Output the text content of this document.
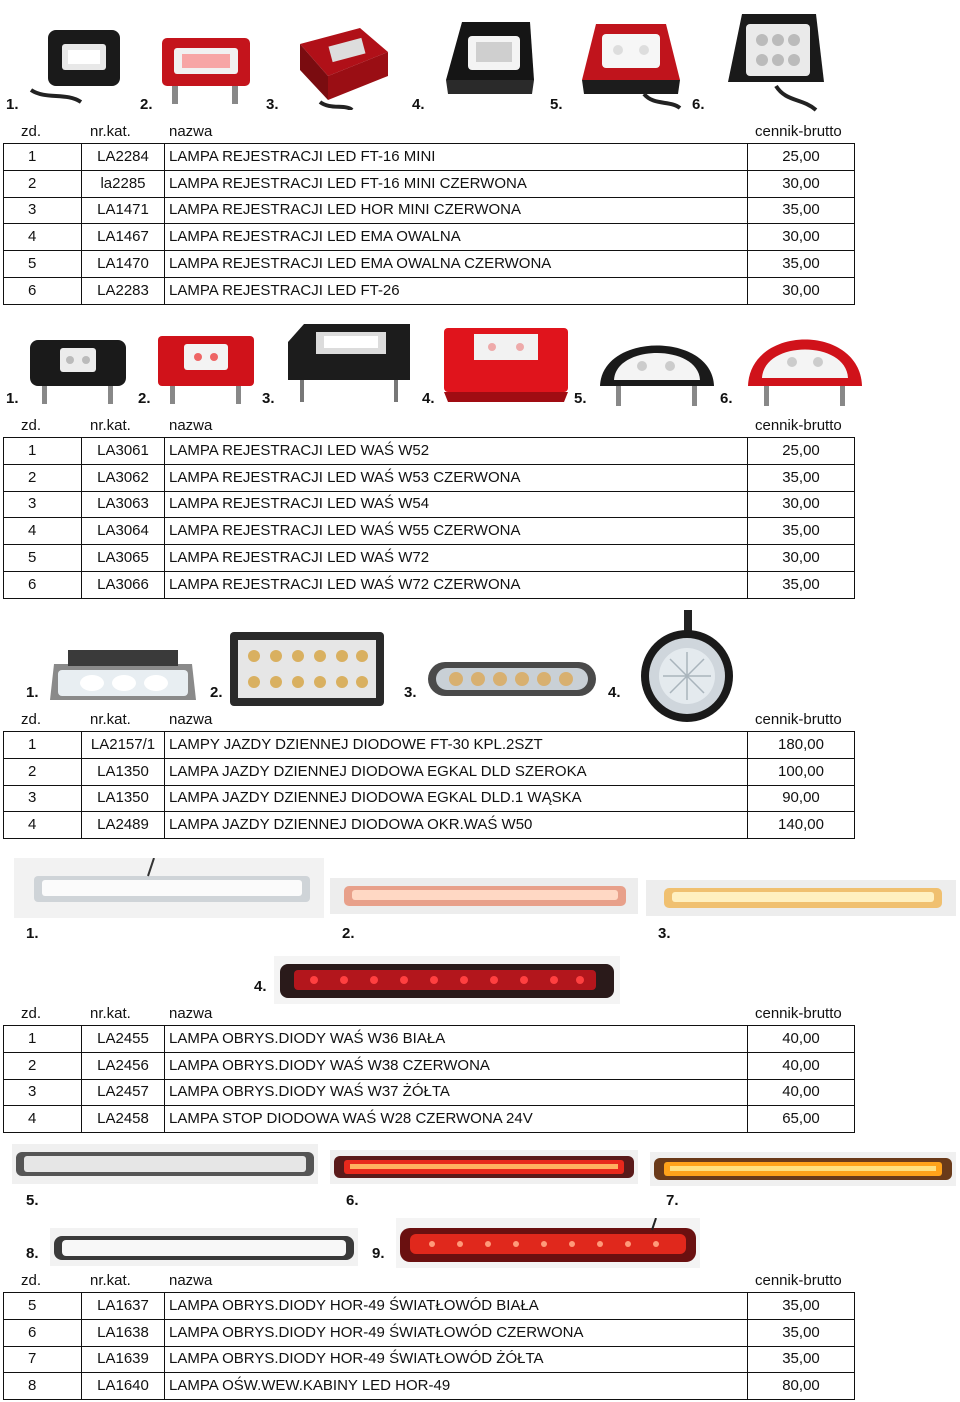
1.	2.	3.	4.	5.	6.
zd.	nr.kat.	nazwa	cennik-brutto
1	LA2284	LAMPA REJESTRACJI LED FT-16 MINI	25,00
2	la2285	LAMPA REJESTRACJI LED FT-16 MINI CZERWONA	30,00
3	LA1471	LAMPA REJESTRACJI LED HOR MINI CZERWONA	35,00
4	LA1467	LAMPA REJESTRACJI LED EMA OWALNA	30,00
5	LA1470	LAMPA REJESTRACJI LED EMA OWALNA CZERWONA	35,00
6	LA2283	LAMPA REJESTRACJI LED FT-26	30,00
1.	2.	3.	4.	5.	6.
zd.	nr.kat.	nazwa	cennik-brutto
1	LA3061	LAMPA REJESTRACJI LED WAŚ W52	25,00
2	LA3062	LAMPA REJESTRACJI LED WAŚ W53 CZERWONA	35,00
3	LA3063	LAMPA REJESTRACJI LED WAŚ W54	30,00
4	LA3064	LAMPA REJESTRACJI LED WAŚ W55 CZERWONA	35,00
5	LA3065	LAMPA REJESTRACJI LED WAŚ W72	30,00
6	LA3066	LAMPA REJESTRACJI LED WAŚ W72 CZERWONA	35,00
1.	2.	3.	4.
zd.	nr.kat.	nazwa	cennik-brutto
1	LA2157/1	LAMPY JAZDY DZIENNEJ DIODOWE FT-30 KPL.2SZT	180,00
2	LA1350	LAMPA JAZDY DZIENNEJ DIODOWA EGKAL DLD SZEROKA	100,00
3	LA1350	LAMPA JAZDY DZIENNEJ DIODOWA EGKAL DLD.1 WĄSKA	90,00
4	LA2489	LAMPA JAZDY DZIENNEJ DIODOWA OKR.WAŚ W50	140,00
1.	2.	3.
4.
zd.	nr.kat.	nazwa	cennik-brutto
1	LA2455	LAMPA OBRYS.DIODY WAŚ W36 BIAŁA	40,00
2	LA2456	LAMPA OBRYS.DIODY WAŚ W38 CZERWONA	40,00
3	LA2457	LAMPA OBRYS.DIODY WAŚ W37 ŻÓŁTA	40,00
4	LA2458	LAMPA STOP DIODOWA WAŚ W28 CZERWONA 24V	65,00
5.	6.	7.
8.	9.
zd.	nr.kat.	nazwa	cennik-brutto
5	LA1637	LAMPA OBRYS.DIODY HOR-49 ŚWIATŁOWÓD BIAŁA	35,00
6	LA1638	LAMPA OBRYS.DIODY HOR-49 ŚWIATŁOWÓD CZERWONA	35,00
7	LA1639	LAMPA OBRYS.DIODY HOR-49 ŚWIATŁOWÓD ŻÓŁTA	35,00
8	LA1640	LAMPA OŚW.WEW.KABINY LED HOR-49	80,00
